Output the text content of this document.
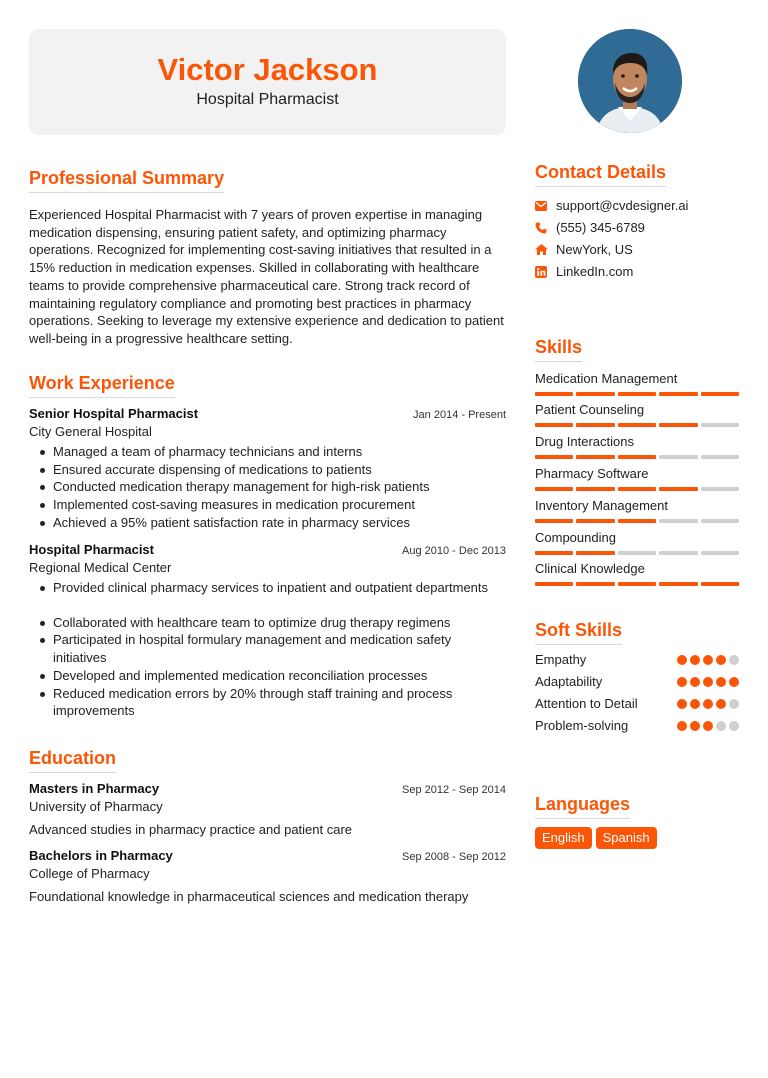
Victor Jackson
Hospital Pharmacist
Professional Summary
Experienced Hospital Pharmacist with 7 years of proven expertise in managing medication dispensing, ensuring patient safety, and optimizing pharmacy operations. Recognized for implementing cost-saving initiatives that resulted in a 15% reduction in medication expenses. Skilled in collaborating with healthcare teams to provide comprehensive pharmaceutical care. Strong track record of maintaining regulatory compliance and promoting best practices in pharmacy operations. Seeking to leverage my extensive experience and dedication to patient well-being in a progressive healthcare setting.
Work Experience
Senior Hospital Pharmacist	Jan 2014 - Present
City General Hospital
Managed a team of pharmacy technicians and interns
Ensured accurate dispensing of medications to patients
Conducted medication therapy management for high-risk patients
Implemented cost-saving measures in medication procurement
Achieved a 95% patient satisfaction rate in pharmacy services
Hospital Pharmacist	Aug 2010 - Dec 2013
Regional Medical Center
Provided clinical pharmacy services to inpatient and outpatient departments
Collaborated with healthcare team to optimize drug therapy regimens
Participated in hospital formulary management and medication safety initiatives
Developed and implemented medication reconciliation processes
Reduced medication errors by 20% through staff training and process improvements
Education
Masters in Pharmacy	Sep 2012 - Sep 2014
University of Pharmacy
Advanced studies in pharmacy practice and patient care
Bachelors in Pharmacy	Sep 2008 - Sep 2012
College of Pharmacy
Foundational knowledge in pharmaceutical sciences and medication therapy
Contact Details
support@cvdesigner.ai
(555) 345-6789
NewYork, US
LinkedIn.com
Skills
Medication Management
Patient Counseling
Drug Interactions
Pharmacy Software
Inventory Management
Compounding
Clinical Knowledge
Soft Skills
Empathy
Adaptability
Attention to Detail
Problem-solving
Languages
English	Spanish
